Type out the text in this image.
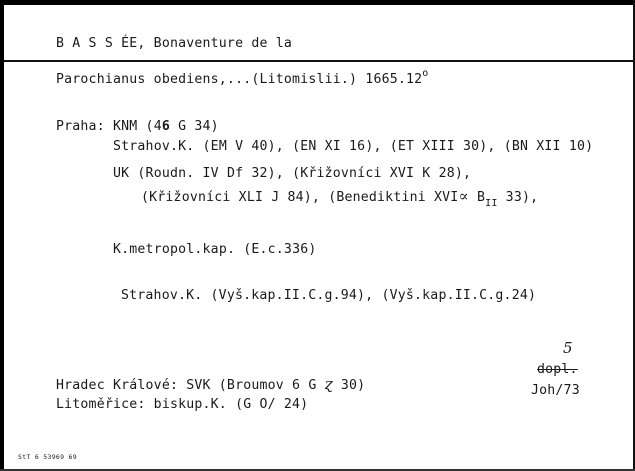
B A S S ÉE, Bonaventure de la
Parochianus obediens,...(Litomislii.) 1665.12$^o$
Praha: KNM (46 G 34)
Strahov.K. (EM V 40), (EN XI 16), (ET XIII 30), (BN XII 10)
UK (Roudn. IV Df 32), (Křižovníci XVI K 28),
(Křižovníci XLI J 84), (Benediktini $XVI\propto B_{II}$ 33),
K.metropol.kap. (E.c.336)
Strahov.K. (Vyš.kap.II.C.g.94), (Vyš.kap.II.C.g.24)
5
dopl.
Joh/73
Hradec Králové: SVK (Broumov 6 G ɀ 30)
Litoměřice: biskup.K. (G O/ 24)
StT 6 53969 69
